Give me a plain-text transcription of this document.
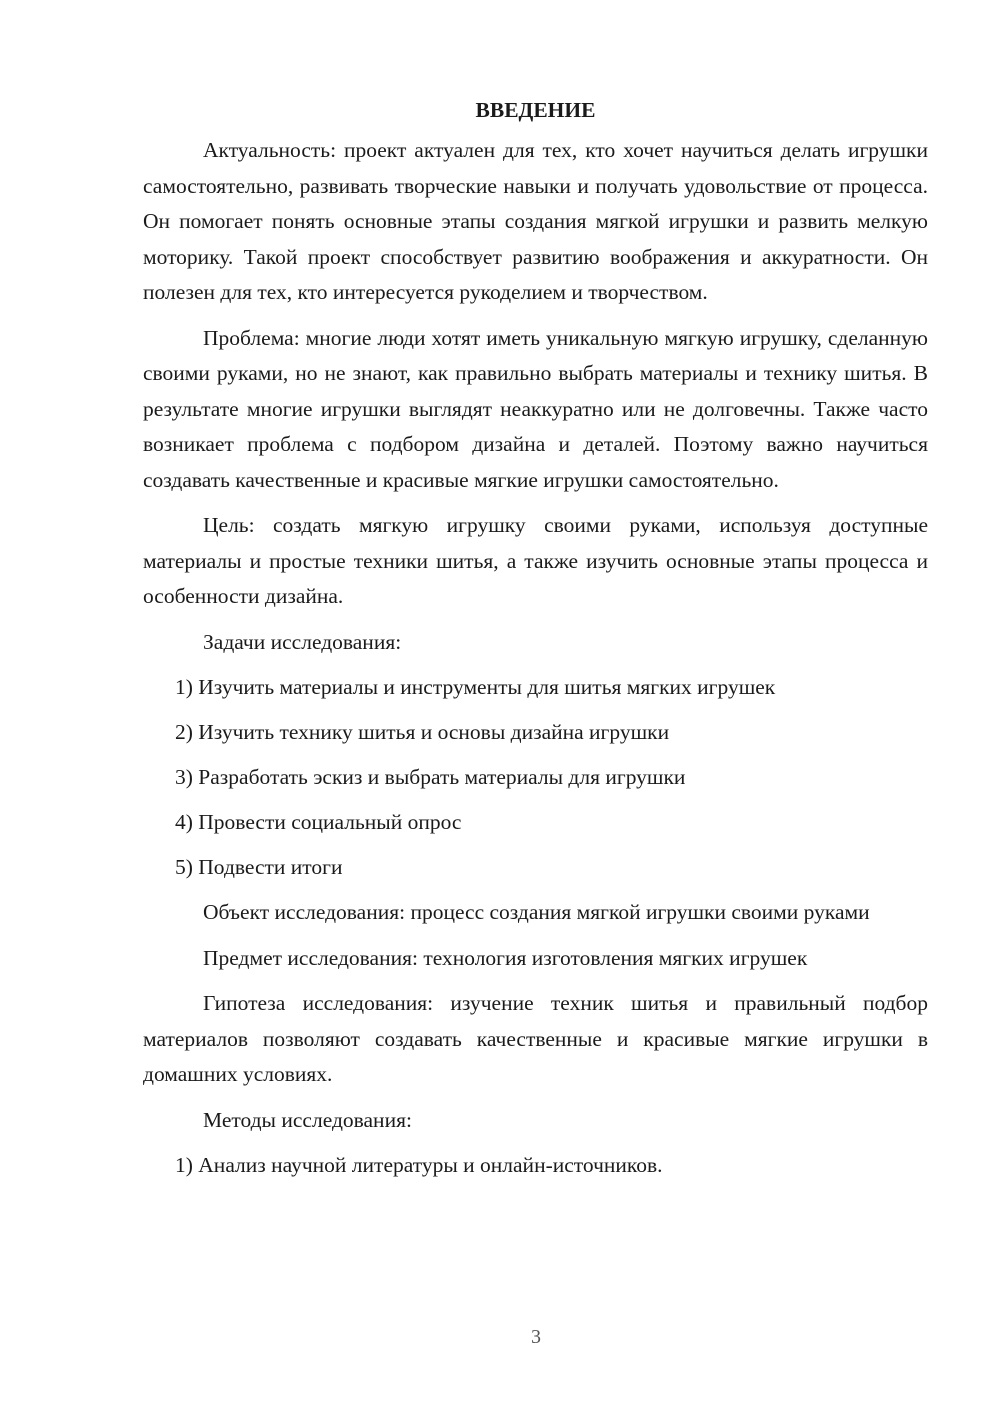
ВВЕДЕНИЕ
Актуальность: проект актуален для тех, кто хочет научиться делать игрушки самостоятельно, развивать творческие навыки и получать удовольствие от процесса. Он помогает понять основные этапы создания мягкой игрушки и развить мелкую моторику. Такой проект способствует развитию воображения и аккуратности. Он полезен для тех, кто интересуется рукоделием и творчеством.
Проблема: многие люди хотят иметь уникальную мягкую игрушку, сделанную своими руками, но не знают, как правильно выбрать материалы и технику шитья. В результате многие игрушки выглядят неаккуратно или не долговечны. Также часто возникает проблема с подбором дизайна и деталей. Поэтому важно научиться создавать качественные и красивые мягкие игрушки самостоятельно.
Цель: создать мягкую игрушку своими руками, используя доступные материалы и простые техники шитья, а также изучить основные этапы процесса и особенности дизайна.
Задачи исследования:
1) Изучить материалы и инструменты для шитья мягких игрушек
2) Изучить технику шитья и основы дизайна игрушки
3) Разработать эскиз и выбрать материалы для игрушки
4) Провести социальный опрос
5) Подвести итоги
Объект исследования: процесс создания мягкой игрушки своими руками
Предмет исследования: технология изготовления мягких игрушек
Гипотеза исследования: изучение техник шитья и правильный подбор материалов позволяют создавать качественные и красивые мягкие игрушки в домашних условиях.
Методы исследования:
1) Анализ научной литературы и онлайн-источников.
3
